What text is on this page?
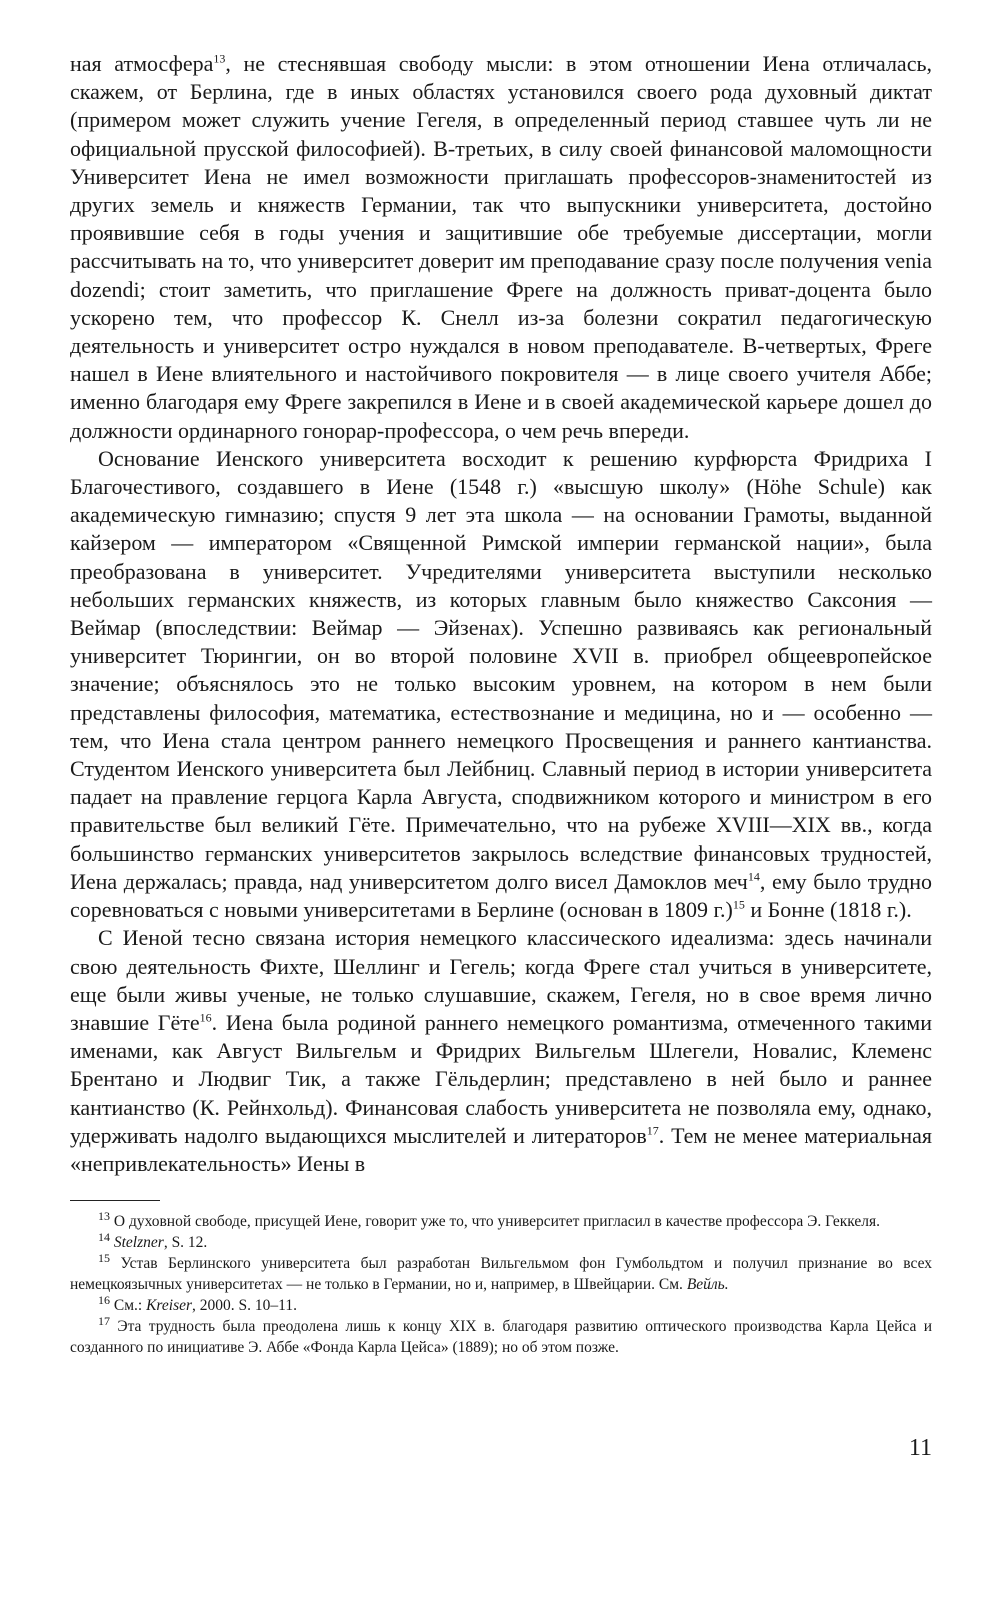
ная атмосфера$^{13}$, не стеснявшая свободу мысли: в этом отношении Иена отличалась, скажем, от Берлина, где в иных областях установился своего рода духовный диктат (примером может служить учение Гегеля, в определенный период ставшее чуть ли не официальной прусской философией). В-третьих, в силу своей финансовой маломощности Университет Иена не имел возможности приглашать профессоров-знаменитостей из других земель и княжеств Германии, так что выпускники университета, достойно проявившие себя в годы учения и защитившие обе требуемые диссертации, могли рассчитывать на то, что университет доверит им преподавание сразу после получения venia dozendi; стоит заметить, что приглашение Фреге на должность приват-доцента было ускорено тем, что профессор К. Снелл из-за болезни сократил педагогическую деятельность и университет остро нуждался в новом преподавателе. В-четвертых, Фреге нашел в Иене влиятельного и настойчивого покровителя — в лице своего учителя Аббе; именно благодаря ему Фреге закрепился в Иене и в своей академической карьере дошел до должности ординарного гонорар-профессора, о чем речь впереди.

Основание Иенского университета восходит к решению курфюрста Фридриха I Благочестивого, создавшего в Иене (1548 г.) «высшую школу» (Höhe Schule) как академическую гимназию; спустя 9 лет эта школа — на основании Грамоты, выданной кайзером — императором «Священной Римской империи германской нации», была преобразована в университет. Учредителями университета выступили несколько небольших германских княжеств, из которых главным было княжество Саксония — Веймар (впоследствии: Веймар — Эйзенах). Успешно развиваясь как региональный университет Тюрингии, он во второй половине XVII в. приобрел общеевропейское значение; объяснялось это не только высоким уровнем, на котором в нем были представлены философия, математика, естествознание и медицина, но и — особенно — тем, что Иена стала центром раннего немецкого Просвещения и раннего кантианства. Студентом Иенского университета был Лейбниц. Славный период в истории университета падает на правление герцога Карла Августа, сподвижником которого и министром в его правительстве был великий Гёте. Примечательно, что на рубеже XVIII—XIX вв., когда большинство германских университетов закрылось вследствие финансовых трудностей, Иена держалась; правда, над университетом долго висел Дамоклов меч$^{14}$, ему было трудно соревноваться с новыми университетами в Берлине (основан в 1809 г.)$^{15}$ и Бонне (1818 г.).

С Иеной тесно связана история немецкого классического идеализма: здесь начинали свою деятельность Фихте, Шеллинг и Гегель; когда Фреге стал учиться в университете, еще были живы ученые, не только слушавшие, скажем, Гегеля, но в свое время лично знавшие Гёте$^{16}$. Иена была родиной раннего немецкого романтизма, отмеченного такими именами, как Август Вильгельм и Фридрих Вильгельм Шлегели, Новалис, Клеменс Брентано и Людвиг Тик, а также Гёльдерлин; представлено в ней было и раннее кантианство (К. Рейнхольд). Финансовая слабость университета не позволяла ему, однако, удерживать надолго выдающихся мыслителей и литераторов$^{17}$. Тем не менее материальная «непривлекательность» Иены в

$^{13}$ О духовной свободе, присущей Иене, говорит уже то, что университет пригласил в качестве профессора Э. Геккеля.

$^{14}$ Stelzner, S. 12.

$^{15}$ Устав Берлинского университета был разработан Вильгельмом фон Гумбольдтом и получил признание во всех немецкоязычных университетах — не только в Германии, но и, например, в Швейцарии. См. Вейль.

$^{16}$ См.: Kreiser, 2000. S. 10–11.

$^{17}$ Эта трудность была преодолена лишь к концу XIX в. благодаря развитию оптического производства Карла Цейса и созданного по инициативе Э. Аббе «Фонда Карла Цейса» (1889); но об этом позже.

11
